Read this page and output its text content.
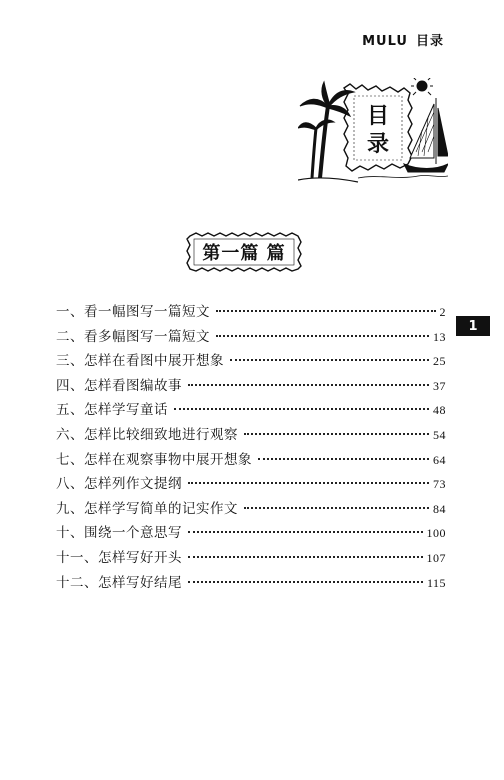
MULU 目录
目
录
第一篇 篇
1
一、看一幅图写一篇短文	2
二、看多幅图写一篇短文	13
三、怎样在看图中展开想象	25
四、怎样看图编故事	37
五、怎样学写童话	48
六、怎样比较细致地进行观察	54
七、怎样在观察事物中展开想象	64
八、怎样列作文提纲	73
九、怎样学写简单的记实作文	84
十、围绕一个意思写	100
十一、怎样写好开头	107
十二、怎样写好结尾	115
